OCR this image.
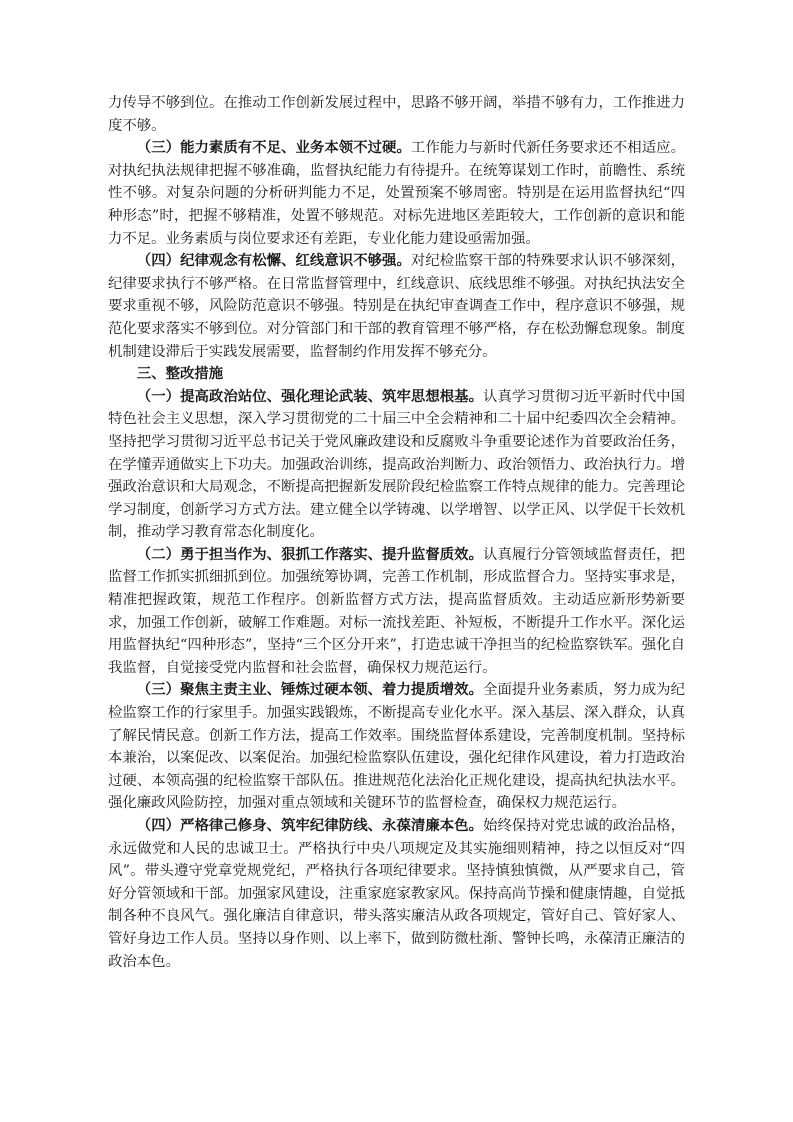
力传导不够到位。在推动工作创新发展过程中，思路不够开阔，举措不够有力，工作推进力度不够。

（三）能力素质有不足、业务本领不过硬。工作能力与新时代新任务要求还不相适应。对执纪执法规律把握不够准确，监督执纪能力有待提升。在统筹谋划工作时，前瞻性、系统性不够。对复杂问题的分析研判能力不足，处置预案不够周密。特别是在运用监督执纪“四种形态”时，把握不够精准，处置不够规范。对标先进地区差距较大，工作创新的意识和能力不足。业务素质与岗位要求还有差距，专业化能力建设亟需加强。

（四）纪律观念有松懈、红线意识不够强。对纪检监察干部的特殊要求认识不够深刻，纪律要求执行不够严格。在日常监督管理中，红线意识、底线思维不够强。对执纪执法安全要求重视不够，风险防范意识不够强。特别是在执纪审查调查工作中，程序意识不够强，规范化要求落实不够到位。对分管部门和干部的教育管理不够严格，存在松劲懈怠现象。制度机制建设滞后于实践发展需要，监督制约作用发挥不够充分。

三、整改措施

（一）提高政治站位、强化理论武装、筑牢思想根基。认真学习贯彻习近平新时代中国特色社会主义思想，深入学习贯彻党的二十届三中全会精神和二十届中纪委四次全会精神。坚持把学习贯彻习近平总书记关于党风廉政建设和反腐败斗争重要论述作为首要政治任务，在学懂弄通做实上下功夫。加强政治训练，提高政治判断力、政治领悟力、政治执行力。增强政治意识和大局观念，不断提高把握新发展阶段纪检监察工作特点规律的能力。完善理论学习制度，创新学习方式方法。建立健全以学铸魂、以学增智、以学正风、以学促干长效机制，推动学习教育常态化制度化。

（二）勇于担当作为、狠抓工作落实、提升监督质效。认真履行分管领域监督责任，把监督工作抓实抓细抓到位。加强统筹协调，完善工作机制，形成监督合力。坚持实事求是，精准把握政策，规范工作程序。创新监督方式方法，提高监督质效。主动适应新形势新要求，加强工作创新，破解工作难题。对标一流找差距、补短板，不断提升工作水平。深化运用监督执纪“四种形态”，坚持“三个区分开来”，打造忠诚干净担当的纪检监察铁军。强化自我监督，自觉接受党内监督和社会监督，确保权力规范运行。

（三）聚焦主责主业、锤炼过硬本领、着力提质增效。全面提升业务素质，努力成为纪检监察工作的行家里手。加强实践锻炼，不断提高专业化水平。深入基层、深入群众，认真了解民情民意。创新工作方法，提高工作效率。围绕监督体系建设，完善制度机制。坚持标本兼治，以案促改、以案促治。加强纪检监察队伍建设，强化纪律作风建设，着力打造政治过硬、本领高强的纪检监察干部队伍。推进规范化法治化正规化建设，提高执纪执法水平。强化廉政风险防控，加强对重点领域和关键环节的监督检查，确保权力规范运行。

（四）严格律己修身、筑牢纪律防线、永葆清廉本色。始终保持对党忠诚的政治品格，永远做党和人民的忠诚卫士。严格执行中央八项规定及其实施细则精神，持之以恒反对“四风”。带头遵守党章党规党纪，严格执行各项纪律要求。坚持慎独慎微，从严要求自己，管好分管领域和干部。加强家风建设，注重家庭家教家风。保持高尚节操和健康情趣，自觉抵制各种不良风气。强化廉洁自律意识，带头落实廉洁从政各项规定，管好自己、管好家人、管好身边工作人员。坚持以身作则、以上率下，做到防微杜渐、警钟长鸣，永葆清正廉洁的政治本色。
